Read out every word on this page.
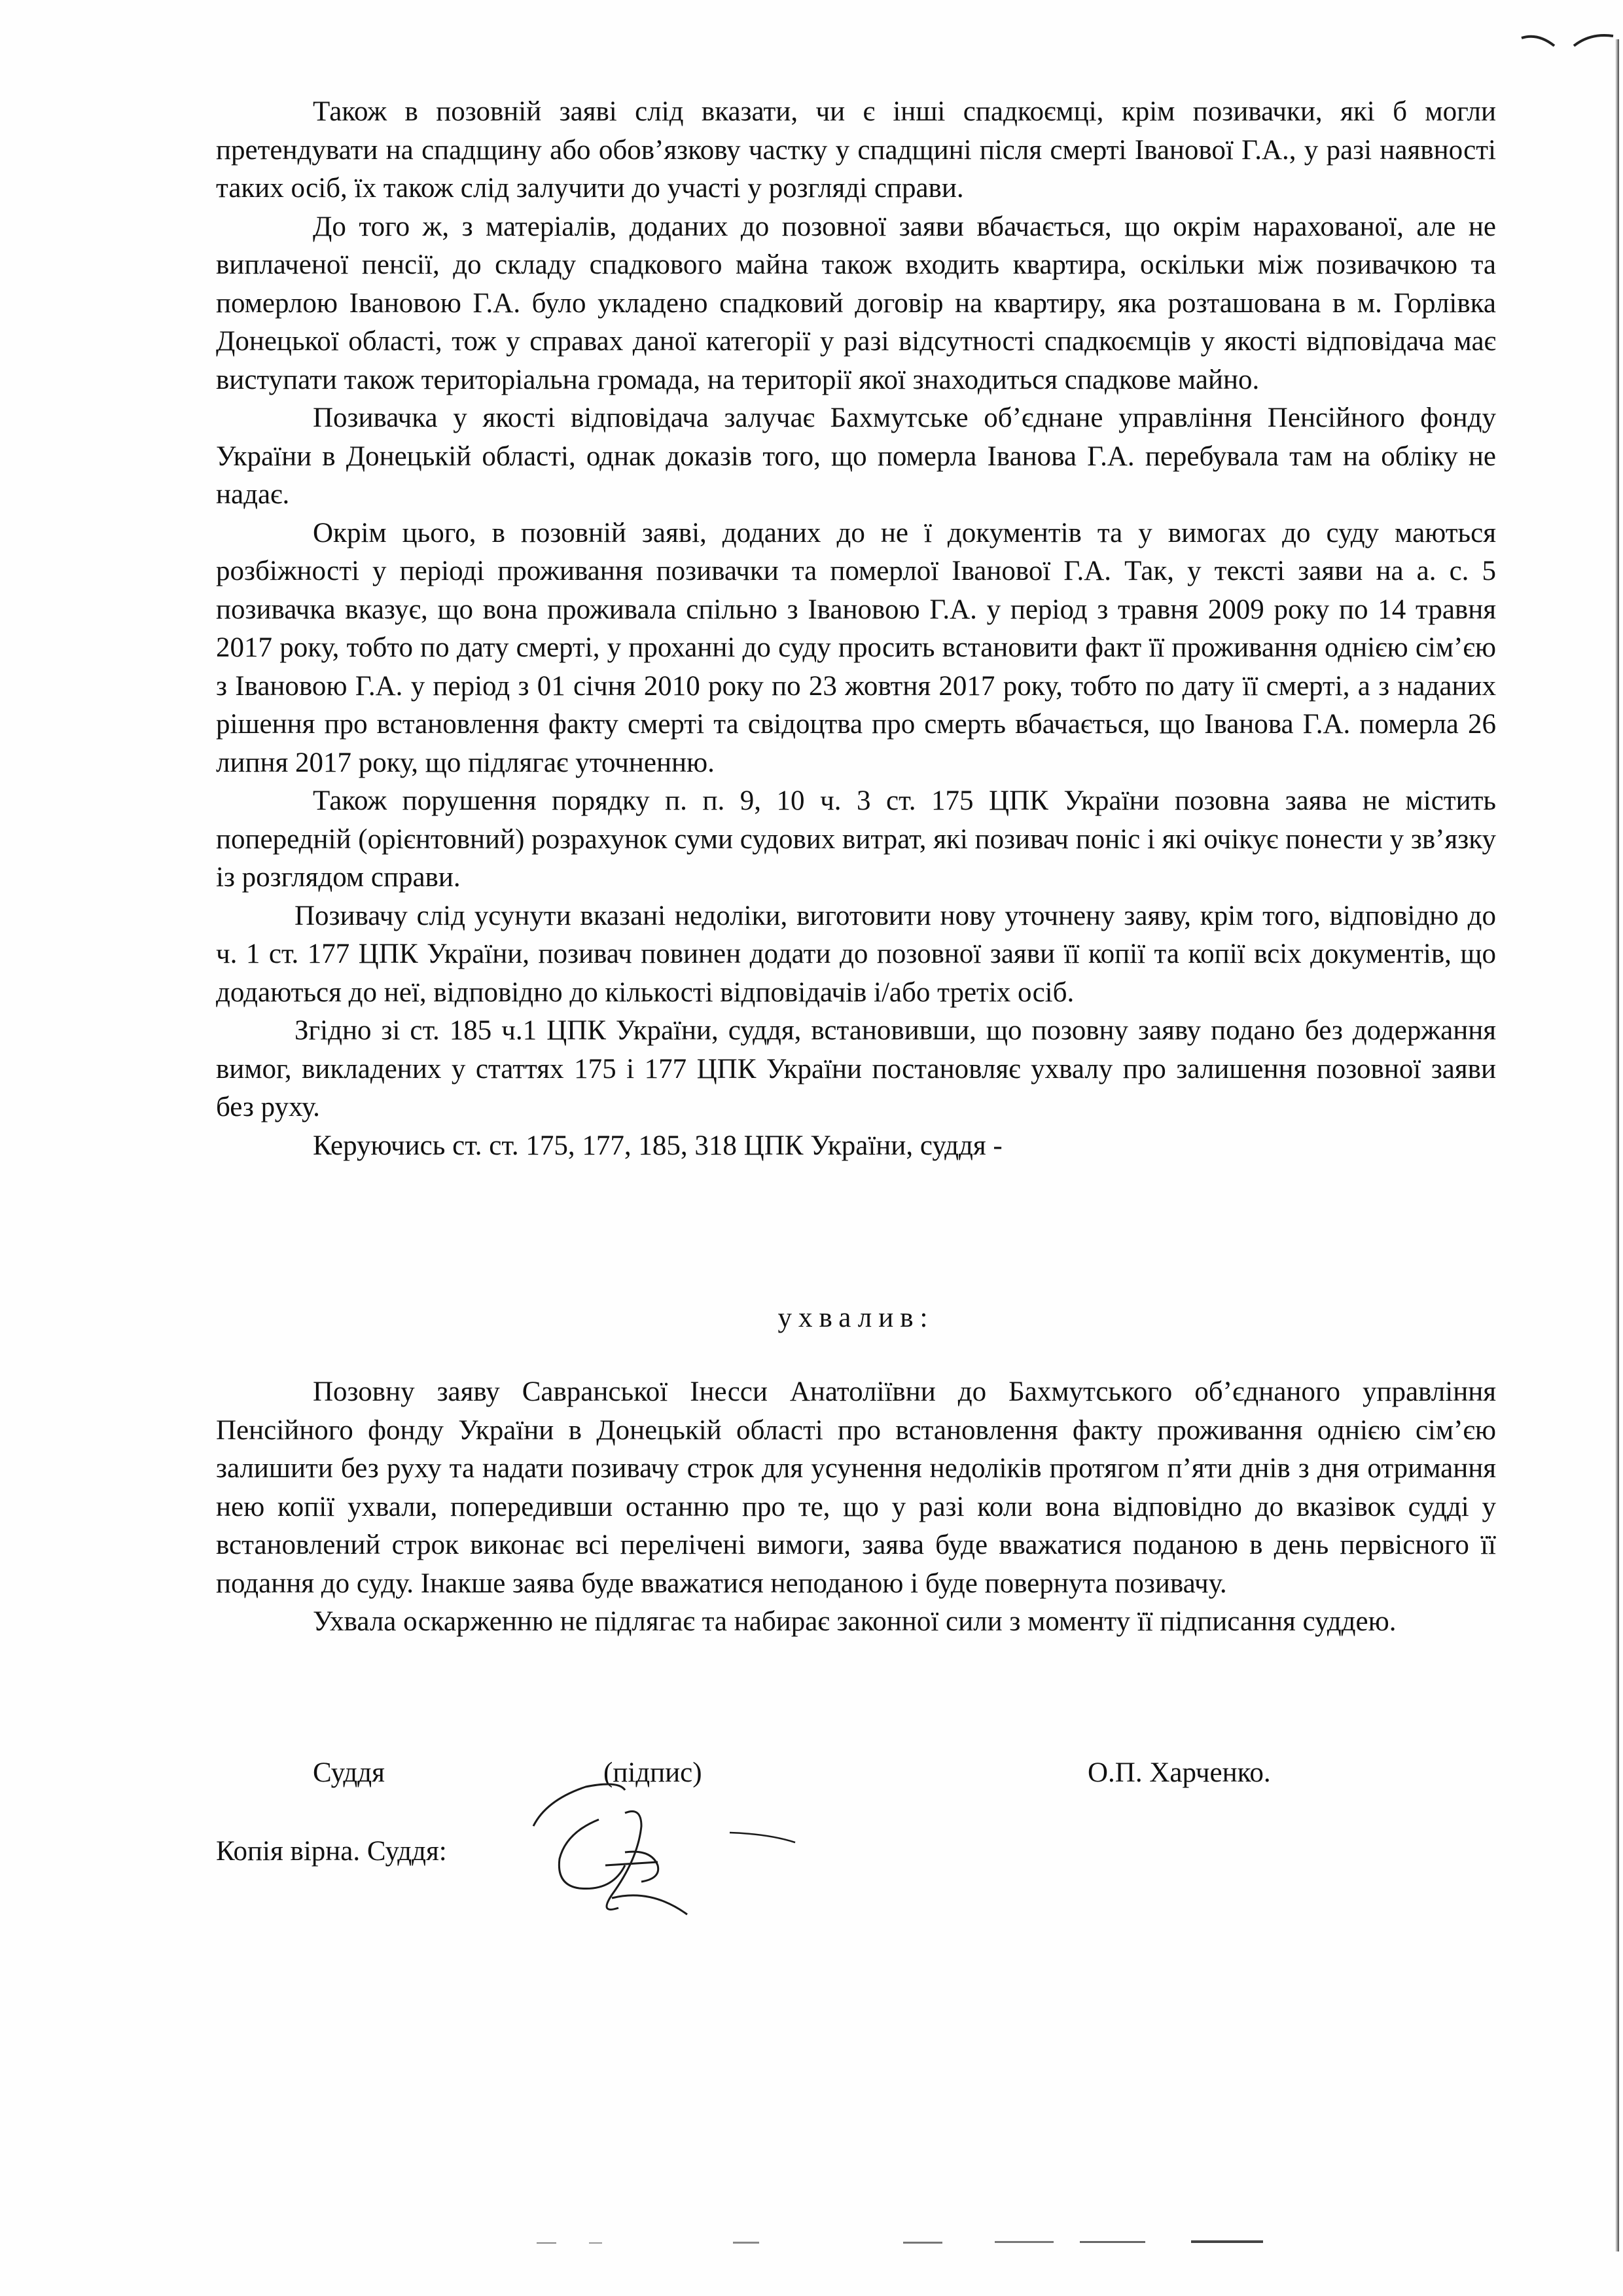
Також в позовній заяві слід вказати, чи є інші спадкоємці, крім позивачки, які б могли претендувати на спадщину або обов’язкову частку у спадщині після смерті Іванової Г.А., у разі наявності таких осіб, їх також слід залучити до участі у розгляді справи.

До того ж, з матеріалів, доданих до позовної заяви вбачається, що окрім нарахованої, але не виплаченої пенсії, до складу спадкового майна також входить квартира, оскільки між позивачкою та померлою Івановою Г.А. було укладено спадковий договір на квартиру, яка розташована в м. Горлівка Донецької області, тож у справах даної категорії у разі відсутності спадкоємців у якості відповідача має виступати також територіальна громада, на території якої знаходиться спадкове майно.

Позивачка у якості відповідача залучає Бахмутське об’єднане управління Пенсійного фонду України в Донецькій області, однак доказів того, що померла Іванова Г.А. перебувала там на обліку не надає.

Окрім цього, в позовній заяві, доданих до не ї документів та у вимогах до суду маються розбіжності у періоді проживання позивачки та померлої Іванової Г.А. Так, у тексті заяви на а. с. 5 позивачка вказує, що вона проживала спільно з Івановою Г.А. у період з травня 2009 року по 14 травня 2017 року, тобто по дату смерті, у проханні до суду просить встановити факт її проживання однією сім’єю з Івановою Г.А. у період з 01 січня 2010 року по 23 жовтня 2017 року, тобто по дату її смерті, а з наданих рішення про встановлення факту смерті та свідоцтва про смерть вбачається, що Іванова Г.А. померла 26 липня 2017 року, що підлягає уточненню.

Також порушення порядку п. п. 9, 10 ч. 3 ст. 175 ЦПК України позовна заява не містить попередній (орієнтовний) розрахунок суми судових витрат, які позивач поніс і які очікує понести у зв’язку із розглядом справи.

Позивачу слід усунути вказані недоліки, виготовити нову уточнену заяву, крім того, відповідно до ч. 1 ст. 177 ЦПК України, позивач повинен додати до позовної заяви її копії та копії всіх документів, що додаються до неї, відповідно до кількості відповідачів і/або третіх осіб.

Згідно зі ст. 185 ч.1 ЦПК України, суддя, встановивши, що позовну заяву подано без додержання вимог, викладених у статтях 175 і 177 ЦПК України постановляє ухвалу про залишення позовної заяви без руху.

Керуючись ст. ст. 175, 177, 185, 318 ЦПК України, суддя -

ухвалив:

Позовну заяву Савранської Інесси Анатоліївни до Бахмутського об’єднаного управління Пенсійного фонду України в Донецькій області про встановлення факту проживання однією сім’єю залишити без руху та надати позивачу строк для усунення недоліків протягом п’яти днів з дня отримання нею копії ухвали, попередивши останню про те, що у разі коли вона відповідно до вказівок судді у встановлений строк виконає всі перелічені вимоги, заява буде вважатися поданою в день первісного її подання до суду. Інакше заява буде вважатися неподаною і буде повернута позивачу.

Ухвала оскарженню не підлягає та набирає законної сили з моменту її підписання суддею.

Суддя	(підпис)	О.П. Харченко.
Копія вірна. Суддя:
